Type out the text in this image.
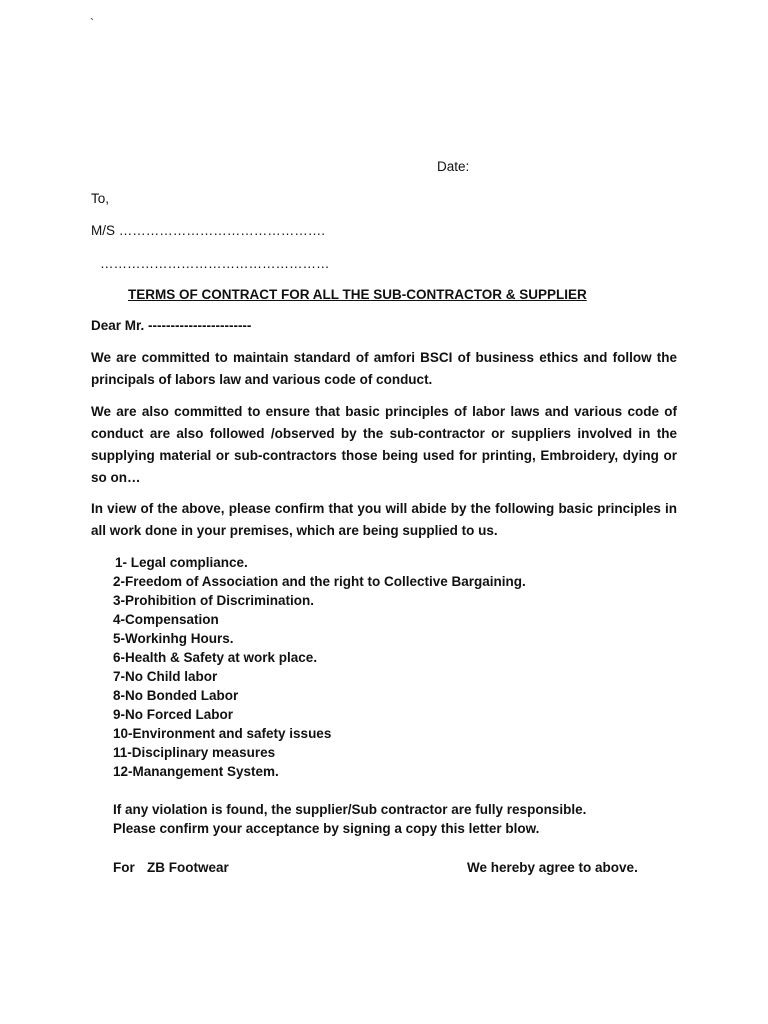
`
Date:
To,
M/S ……………………………………….
……………………………………………
TERMS OF CONTRACT FOR ALL THE SUB-CONTRACTOR & SUPPLIER
Dear Mr. -----------------------
We are committed to maintain standard of amfori BSCI of business ethics and follow the principals of labors law and various code of conduct.
We are also committed to ensure that basic principles of labor laws and various code of conduct are also followed /observed by the sub-contractor or suppliers involved in the supplying material or sub-contractors those being used for printing, Embroidery, dying or so on…
In view of the above, please confirm that you will abide by the following basic principles in all work done in your premises, which are being supplied to us.
1- Legal compliance.
2-Freedom of Association and the right to Collective Bargaining.
3-Prohibition of Discrimination.
4-Compensation
5-Workinhg Hours.
6-Health & Safety at work place.
7-No Child labor
8-No Bonded Labor
9-No Forced Labor
10-Environment and safety issues
11-Disciplinary measures
12-Manangement System.
If any violation is found, the supplier/Sub contractor are fully responsible.
Please confirm your acceptance by signing a copy this letter blow.
For ZB Footwear	We hereby agree to above.
